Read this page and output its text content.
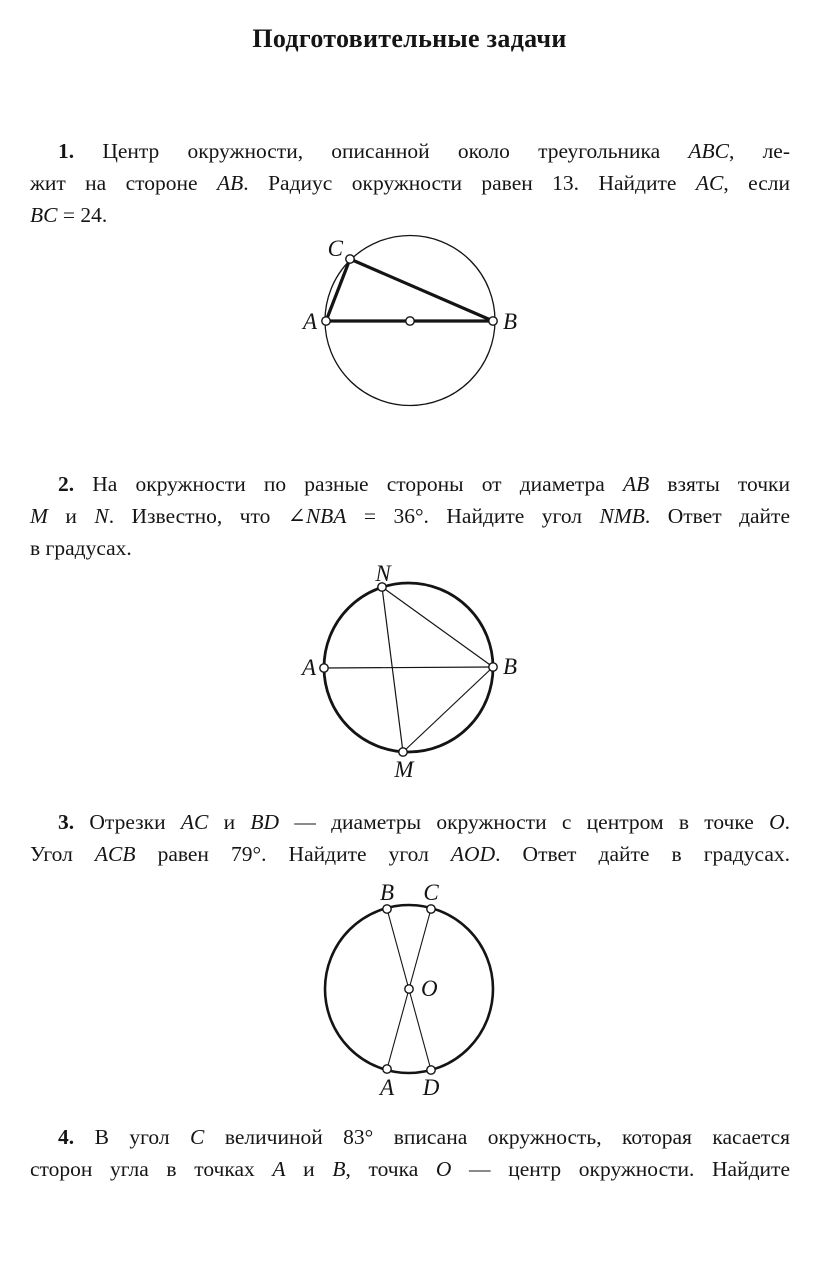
Подготовительные задачи
1. Центр окружности, описанной около треугольника ABC, ле-
жит на стороне AB. Радиус окружности равен 13. Найдите AC, если
BC = 24.
2. На окружности по разные стороны от диаметра AB взяты точки
M и N. Известно, что ∠NBA = 36°. Найдите угол NMB. Ответ дайте
в градусах.
3. Отрезки AC и BD — диаметры окружности с центром в точке O.
Угол ACB равен 79°. Найдите угол AOD. Ответ дайте в градусах.
4. В угол C величиной 83° вписана окружность, которая касается
сторон угла в точках A и B, точка O — центр окружности. Найдите
C
A	B
N
A	B
M
B C
O
A D
